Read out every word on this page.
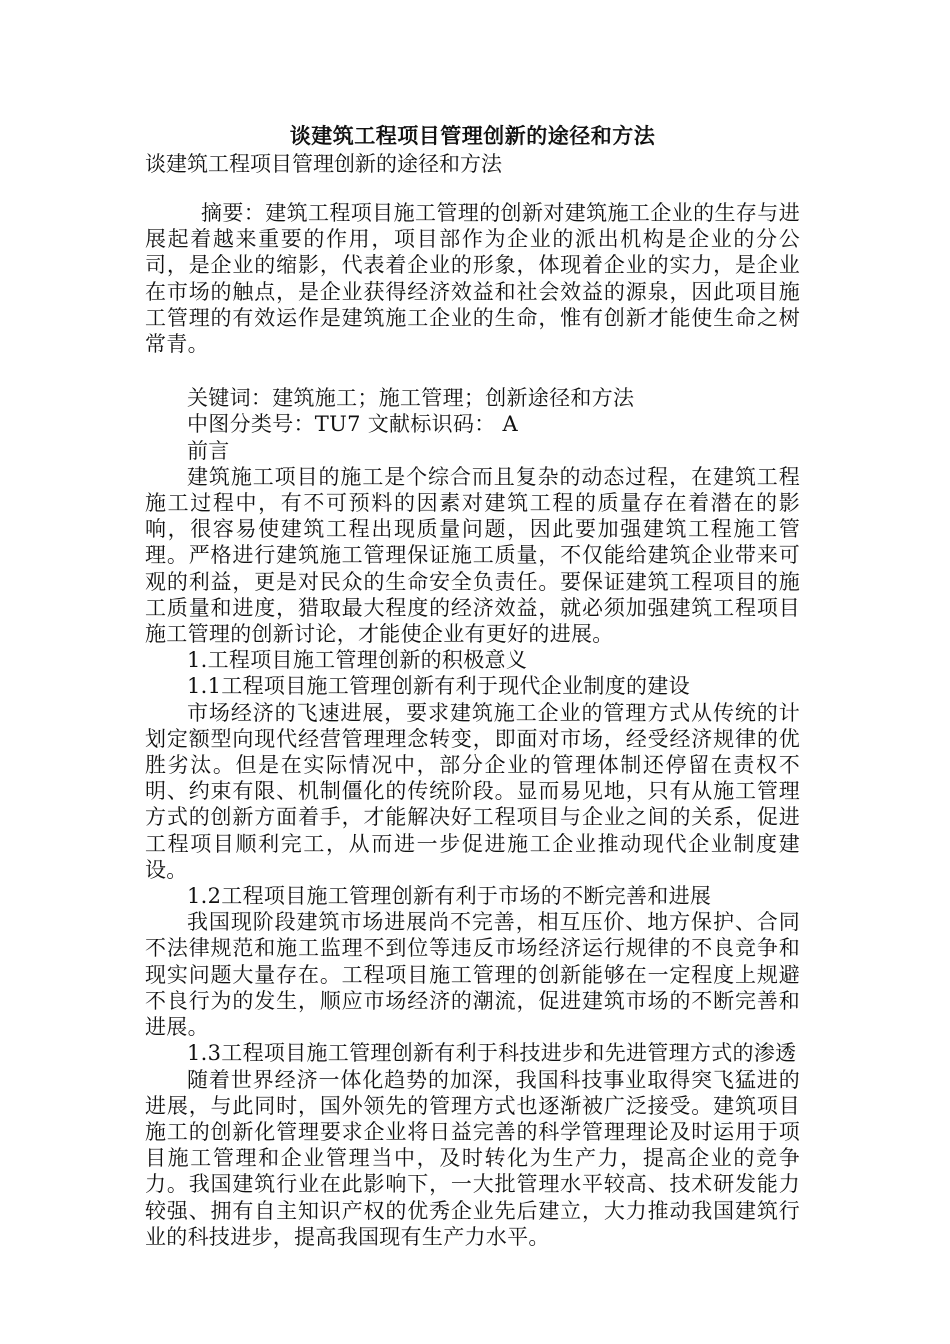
谈建筑工程项目管理创新的途径和方法
谈建筑工程项目管理创新的途径和方法

摘要：建筑工程项目施工管理的创新对建筑施工企业的生存与进展起着越来重要的作用，项目部作为企业的派出机构是企业的分公司，是企业的缩影，代表着企业的形象，体现着企业的实力，是企业在市场的触点，是企业获得经济效益和社会效益的源泉，因此项目施工管理的有效运作是建筑施工企业的生命，惟有创新才能使生命之树常青。

关键词：建筑施工；施工管理；创新途径和方法

中图分类号：TU7 文献标识码： A

前言

建筑施工项目的施工是个综合而且复杂的动态过程，在建筑工程施工过程中，有不可预料的因素对建筑工程的质量存在着潜在的影响，很容易使建筑工程出现质量问题，因此要加强建筑工程施工管理。严格进行建筑施工管理保证施工质量，不仅能给建筑企业带来可观的利益，更是对民众的生命安全负责任。要保证建筑工程项目的施工质量和进度，猎取最大程度的经济效益，就必须加强建筑工程项目施工管理的创新讨论，才能使企业有更好的进展。

1.工程项目施工管理创新的积极意义

1.1工程项目施工管理创新有利于现代企业制度的建设

市场经济的飞速进展，要求建筑施工企业的管理方式从传统的计划定额型向现代经营管理理念转变，即面对市场，经受经济规律的优胜劣汰。但是在实际情况中，部分企业的管理体制还停留在责权不明、约束有限、机制僵化的传统阶段。显而易见地，只有从施工管理方式的创新方面着手，才能解决好工程项目与企业之间的关系，促进工程项目顺利完工，从而进一步促进施工企业推动现代企业制度建设。

1.2工程项目施工管理创新有利于市场的不断完善和进展

我国现阶段建筑市场进展尚不完善，相互压价、地方保护、合同不法律规范和施工监理不到位等违反市场经济运行规律的不良竞争和现实问题大量存在。工程项目施工管理的创新能够在一定程度上规避不良行为的发生，顺应市场经济的潮流，促进建筑市场的不断完善和进展。

1.3工程项目施工管理创新有利于科技进步和先进管理方式的渗透

随着世界经济一体化趋势的加深，我国科技事业取得突飞猛进的进展，与此同时，国外领先的管理方式也逐渐被广泛接受。建筑项目施工的创新化管理要求企业将日益完善的科学管理理论及时运用于项目施工管理和企业管理当中，及时转化为生产力，提高企业的竞争力。我国建筑行业在此影响下，一大批管理水平较高、技术研发能力较强、拥有自主知识产权的优秀企业先后建立，大力推动我国建筑行业的科技进步，提高我国现有生产力水平。
